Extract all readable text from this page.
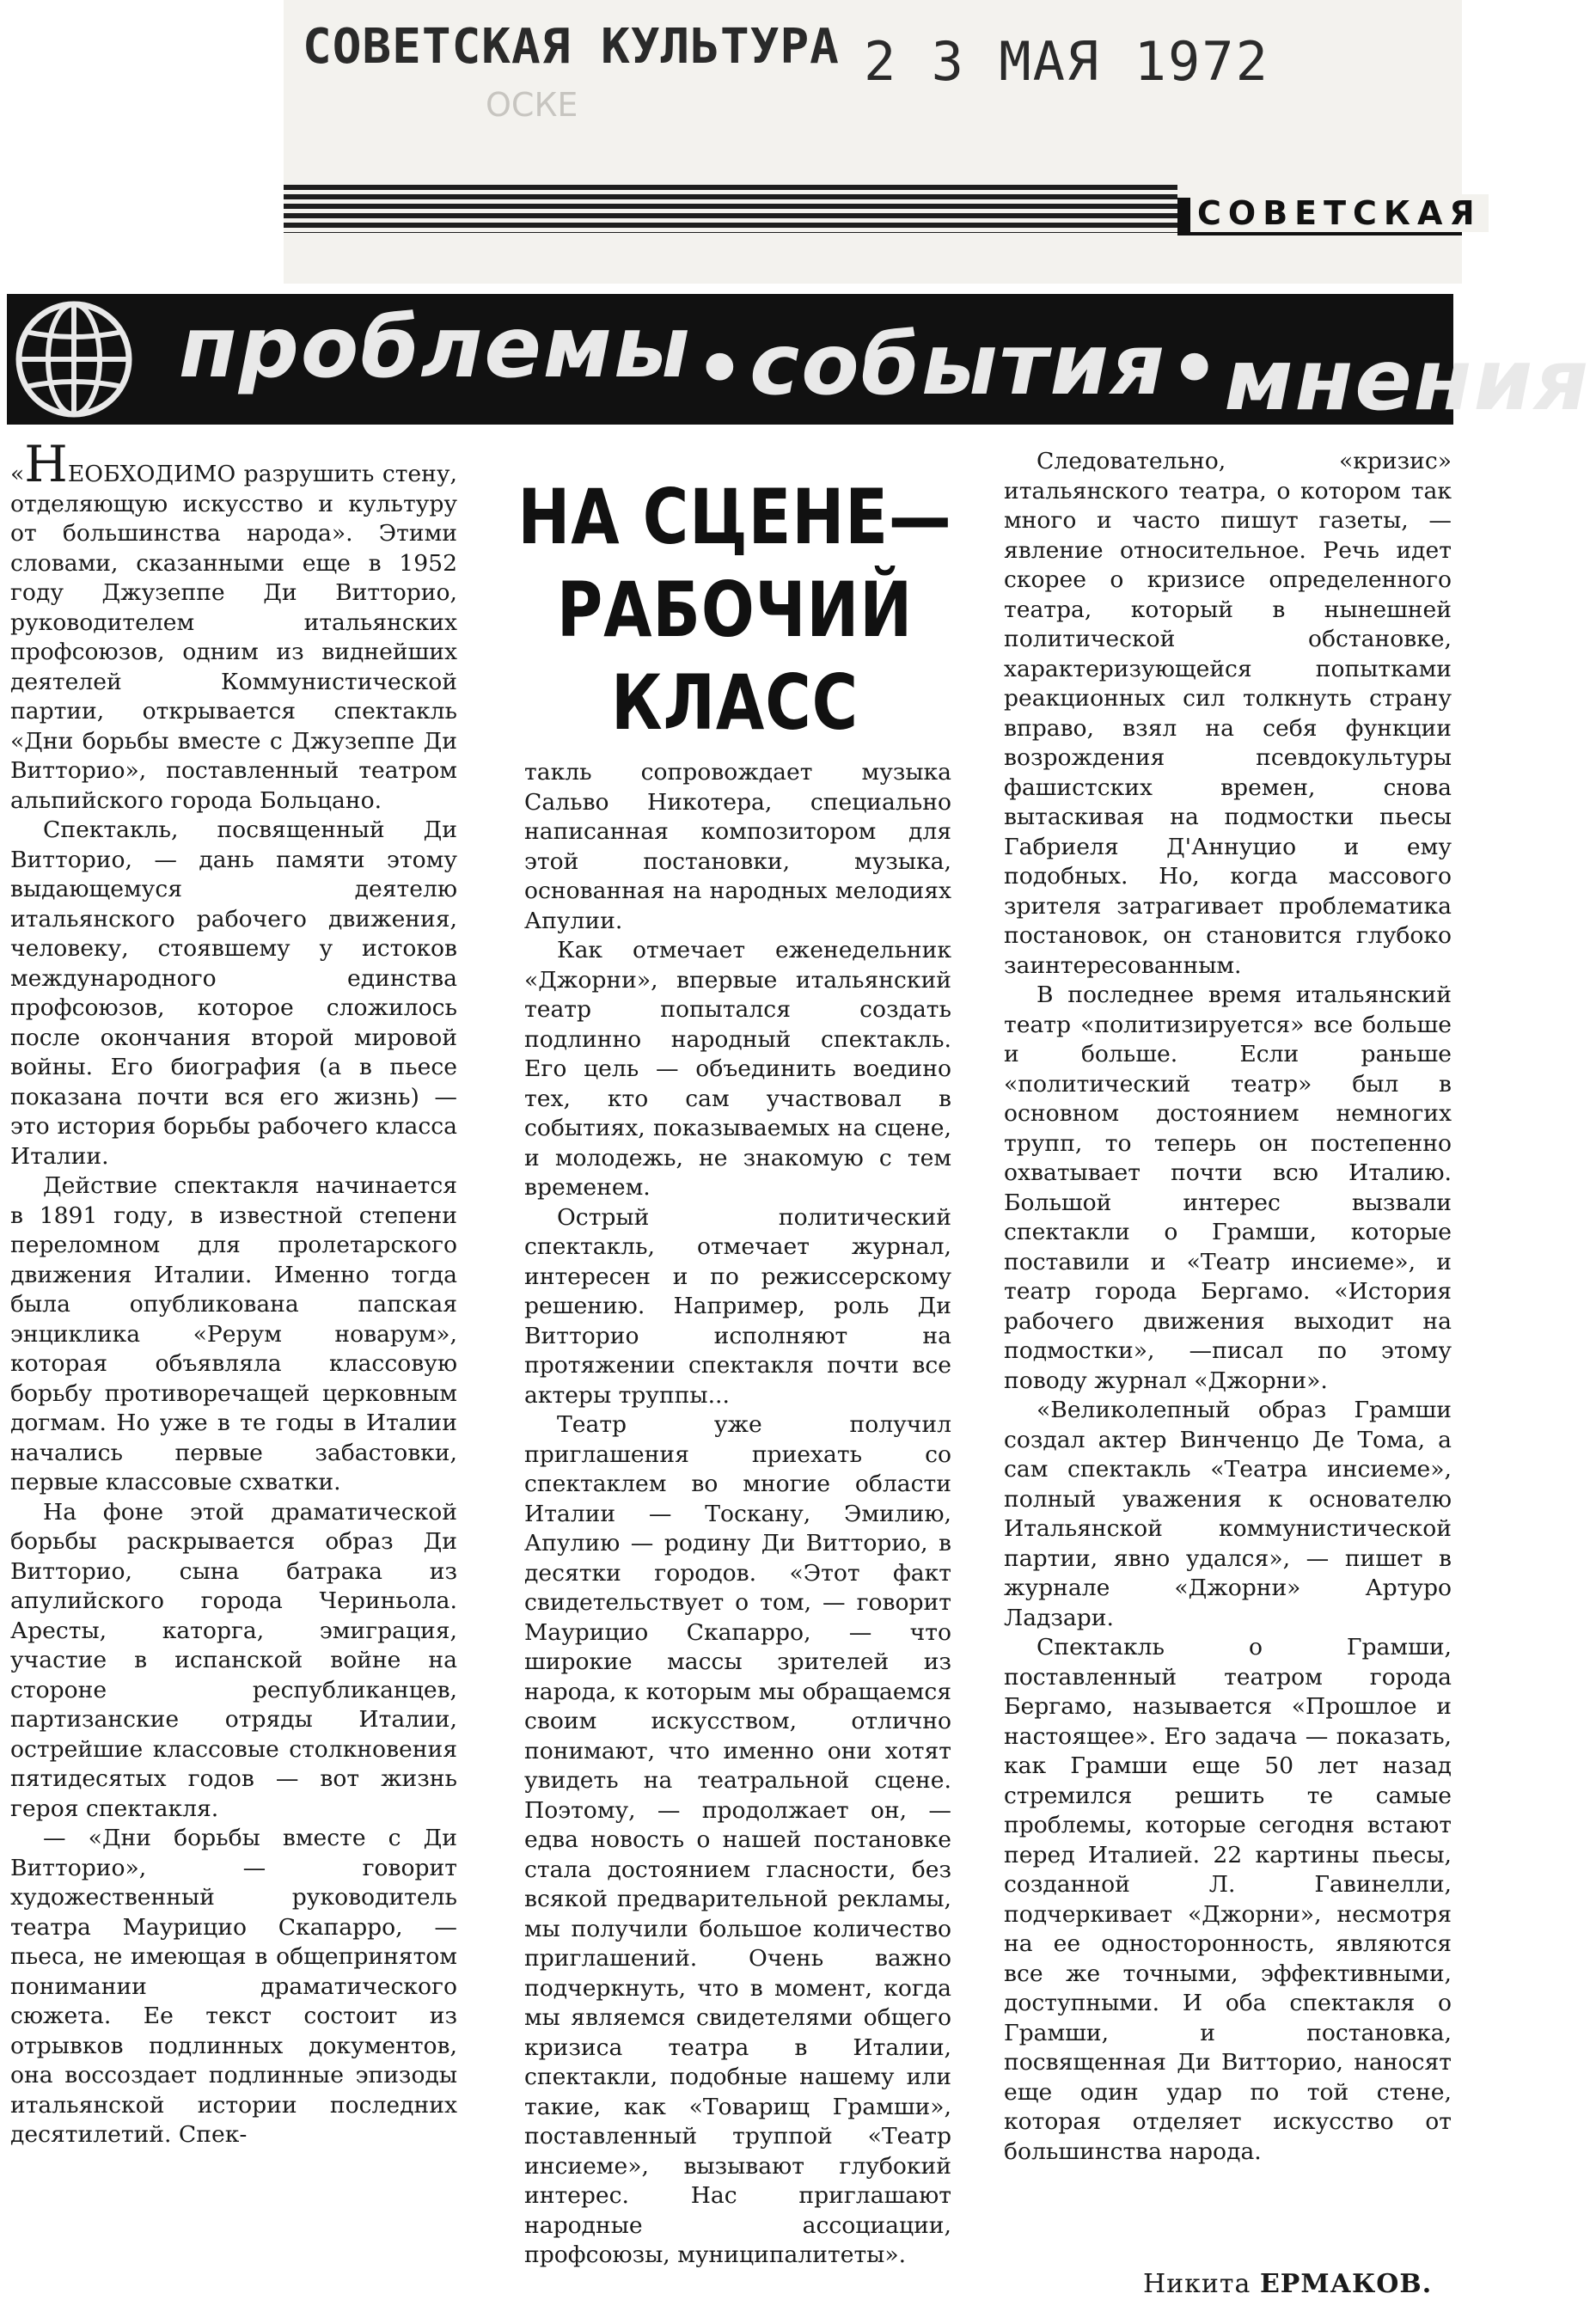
СОВЕТСКАЯ КУЛЬТУРА 2 3 МАЯ 1972
ОСКЕ
СОВЕТСКАЯ
проблемы • события • мнения
НА СЦЕНЕ—
РАБОЧИЙ
КЛАСС

«НЕОБХОДИМО разрушить стену, отделяющую искусство и культуру от большинства народа». Этими словами, сказанными еще в 1952 году Джузеппе Ди Витторио, руководителем итальянских профсоюзов, одним из виднейших деятелей Коммунистической партии, открывается спектакль «Дни борьбы вместе с Джузеппе Ди Витторио», поставленный театром альпийского города Больцано.

Спектакль, посвященный Ди Витторио, — дань памяти этому выдающемуся деятелю итальянского рабочего движения, человеку, стоявшему у истоков международного единства профсоюзов, которое сложилось после окончания второй мировой войны. Его биография (а в пьесе показана почти вся его жизнь) — это история борьбы рабочего класса Италии.

Действие спектакля начинается в 1891 году, в известной степени переломном для пролетарского движения Италии. Именно тогда была опубликована папская энциклика «Рерум новарум», которая объявляла классовую борьбу противоречащей церковным догмам. Но уже в те годы в Италии начались первые забастовки, первые классовые схватки.

На фоне этой драматической борьбы раскрывается образ Ди Витторио, сына батрака из апулийского города Чериньола. Аресты, каторга, эмиграция, участие в испанской войне на стороне республиканцев, партизанские отряды Италии, острейшие классовые столкновения пятидесятых годов — вот жизнь героя спектакля.

— «Дни борьбы вместе с Ди Витторио», — говорит художественный руководитель театра Маурицио Скапарро, — пьеса, не имеющая в общепринятом понимании драматического сюжета. Ее текст состоит из отрывков подлинных документов, она воссоздает подлинные эпизоды итальянской истории последних десятилетий. Спек-

такль сопровождает музыка Сальво Никотера, специально написанная композитором для этой постановки, музыка, основанная на народных мелодиях Апулии.

Как отмечает еженедельник «Джорни», впервые итальянский театр попытался создать подлинно народный спектакль. Его цель — объединить воедино тех, кто сам участвовал в событиях, показываемых на сцене, и молодежь, не знакомую с тем временем.

Острый политический спектакль, отмечает журнал, интересен и по режиссерскому решению. Например, роль Ди Витторио исполняют на протяжении спектакля почти все актеры труппы...

Театр уже получил приглашения приехать со спектаклем во многие области Италии — Тоскану, Эмилию, Апулию — родину Ди Витторио, в десятки городов. «Этот факт свидетельствует о том, — говорит Маурицио Скапарро, — что широкие массы зрителей из народа, к которым мы обращаемся своим искусством, отлично понимают, что именно они хотят увидеть на театральной сцене. Поэтому, — продолжает он, — едва новость о нашей постановке стала достоянием гласности, без всякой предварительной рекламы, мы получили большое количество приглашений. Очень важно подчеркнуть, что в момент, когда мы являемся свидетелями общего кризиса театра в Италии, спектакли, подобные нашему или такие, как «Товарищ Грамши», поставленный труппой «Театр инсиеме», вызывают глубокий интерес. Нас приглашают народные ассоциации, профсоюзы, муниципалитеты».

Следовательно, «кризис» итальянского театра, о котором так много и часто пишут газеты, — явление относительное. Речь идет скорее о кризисе определенного театра, который в нынешней политической обстановке, характеризующейся попытками реакционных сил толкнуть страну вправо, взял на себя функции возрождения псевдокультуры фашистских времен, снова вытаскивая на подмостки пьесы Габриеля Д'Аннуцио и ему подобных. Но, когда массового зрителя затрагивает проблематика постановок, он становится глубоко заинтересованным.

В последнее время итальянский театр «политизируется» все больше и больше. Если раньше «политический театр» был в основном достоянием немногих трупп, то теперь он постепенно охватывает почти всю Италию. Большой интерес вызвали спектакли о Грамши, которые поставили и «Театр инсиеме», и театр города Бергамо. «История рабочего движения выходит на подмостки», —писал по этому поводу журнал «Джорни».

«Великолепный образ Грамши создал актер Винченцо Де Тома, а сам спектакль «Театра инсиеме», полный уважения к основателю Итальянской коммунистической партии, явно удался», — пишет в журнале «Джорни» Артуро Ладзари.

Спектакль о Грамши, поставленный театром города Бергамо, называется «Прошлое и настоящее». Его задача — показать, как Грамши еще 50 лет назад стремился решить те самые проблемы, которые сегодня встают перед Италией. 22 картины пьесы, созданной Л. Гавинелли, подчеркивает «Джорни», несмотря на ее односторонность, являются все же точными, эффективными, доступными. И оба спектакля о Грамши, и постановка, посвященная Ди Витторио, наносят еще один удар по той стене, которая отделяет искусство от большинства народа.

Никита ЕРМАКОВ.
